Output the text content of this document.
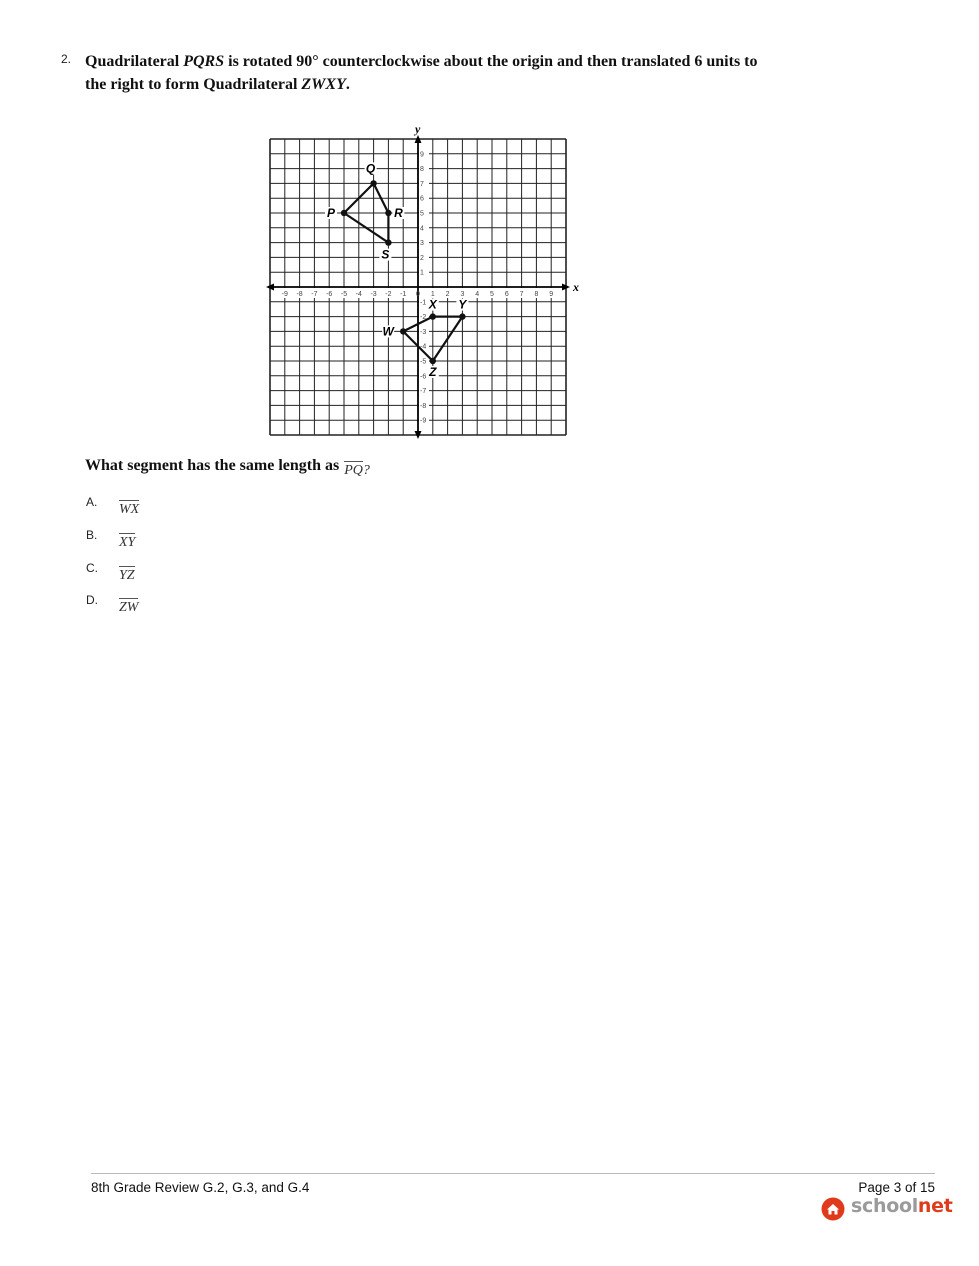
2. Quadrilateral PQRS is rotated 90° counterclockwise about the origin and then translated 6 units to the right to form Quadrilateral ZWXY.
x
y
-9 -8 -7 -6 -5 -4 -3 -2 -1 0 1 2 3 4 5 6 7 8 9
9
8
7
6
5
4
3
2
1
-1
-2
-3
-4
-5
-6
-7
-8
-9
P
Q
R
S
Z
W
X Y
What segment has the same length as PQ?
A. WX
B. XY
C. YZ
D. ZW
8th Grade Review G.2, G.3, and G.4	Page 3 of 15
schoolnet
